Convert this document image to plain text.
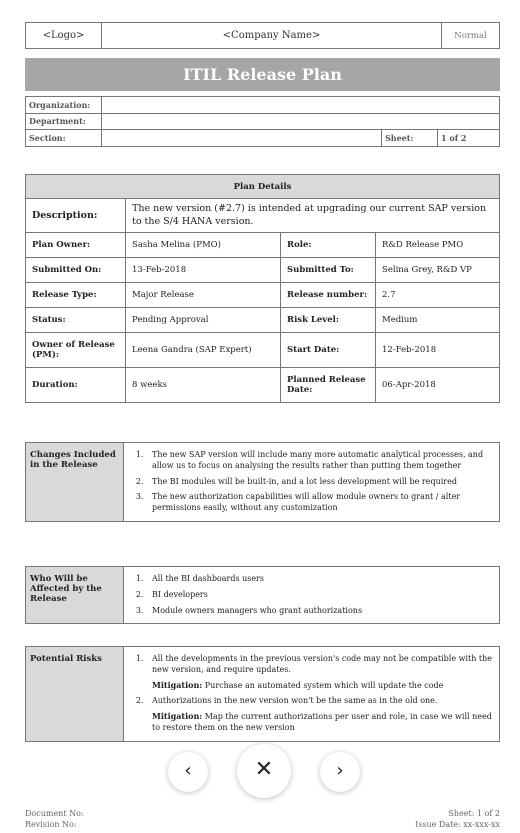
<Logo>	<Company Name>	Normal
ITIL Release Plan
Organization:			
Department:			
Section:		Sheet:	1 of 2
Plan Details			
Description:	The new version (#2.7) is intended at upgrading our current SAP version to the S/4 HANA version.		
Plan Owner:	Sasha Melina (PMO)	Role:	R&D Release PMO
Submitted On:	13-Feb-2018	Submitted To:	Selina Grey, R&D VP
Release Type:	Major Release	Release number:	2.7
Status:	Pending Approval	Risk Level:	Medium
Owner of Release (PM):	Leena Gandra (SAP Expert)	Start Date:	12-Feb-2018
Duration:	8 weeks	Planned Release Date:	06-Apr-2018
Changes Included in the Release	
1. The new SAP version will include many more automatic analytical processes, and allow us to focus on analysing the results rather than putting them together
2. The BI modules will be built-in, and a lot less development will be required
3. The new authorization capabilities will allow module owners to grant / alter permissions easily, without any customization
Who Will be Affected by the Release	
1. All the BI dashboards users
2. BI developers
3. Module owners managers who grant authorizations
Potential Risks	
1.All the developments in the previous version's code may not be compatible with the new version, and require updates.

Mitigation: Purchase an automated system which will update the code

2. Authorizations in the new version won't be the same as in the old one.

Mitigation: Map the current authorizations per user and role, in case we will need to restore them on the new version

‹	✕	›
Document No:
Revision No:
Sheet: 1 of 2
Issue Date: xx-xxx-xx
